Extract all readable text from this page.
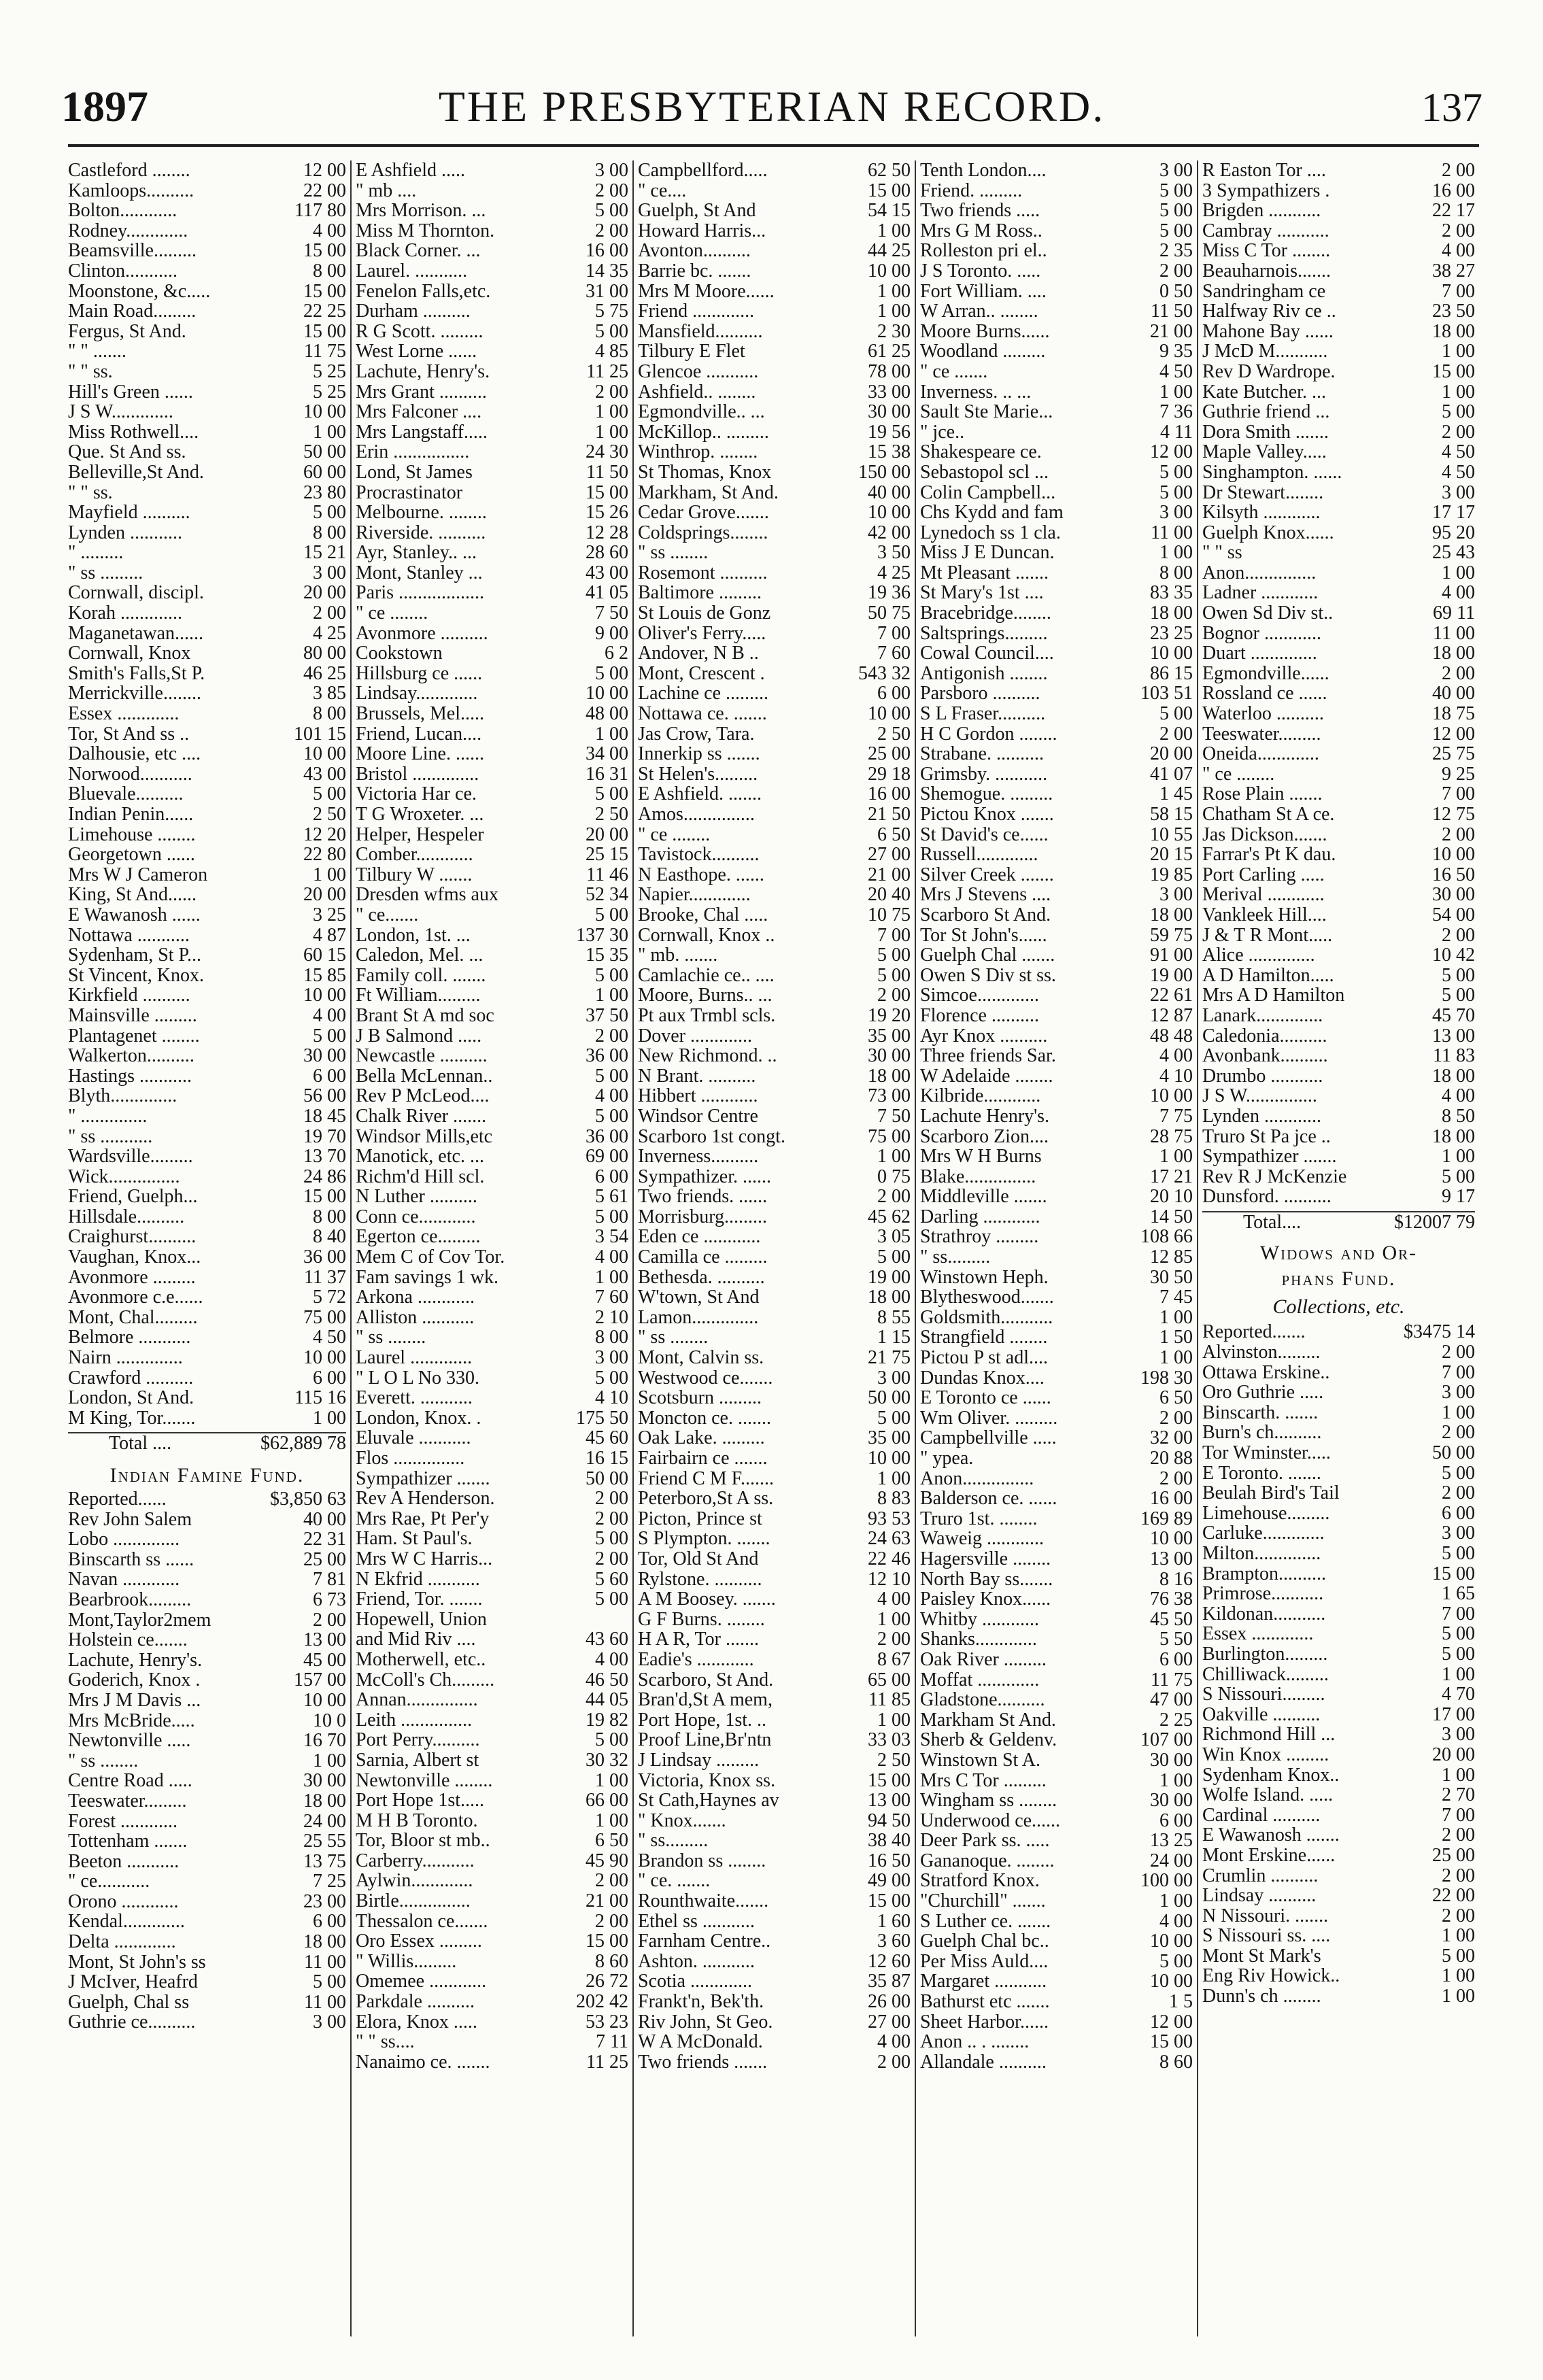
1897	THE PRESBYTERIAN RECORD.	137
Castleford ........	12 00
Kamloops..........	22 00
Bolton............	117 80
Rodney.............	4 00
Beamsville.........	15 00
Clinton...........	8 00
Moonstone, &c.....	15 00
Main Road.........	22 25
Fergus, St And.	15 00
" " .......	11 75
" " ss.	5 25
Hill's Green ......	5 25
J S W.............	10 00
Miss Rothwell....	1 00
Que. St And ss.	50 00
Belleville,St And.	60 00
" " ss.	23 80
Mayfield ..........	5 00
Lynden ...........	8 00
" .........	15 21
" ss .........	3 00
Cornwall, discipl.	20 00
Korah .............	2 00
Maganetawan......	4 25
Cornwall, Knox	80 00
Smith's Falls,St P.	46 25
Merrickville........	3 85
Essex .............	8 00
Tor, St And ss ..	101 15
Dalhousie, etc ....	10 00
Norwood...........	43 00
Bluevale..........	5 00
Indian Penin......	2 50
Limehouse ........	12 20
Georgetown ......	22 80
Mrs W J Cameron	1 00
King, St And......	20 00
E Wawanosh ......	3 25
Nottawa ...........	4 87
Sydenham, St P...	60 15
St Vincent, Knox.	15 85
Kirkfield ..........	10 00
Mainsville .........	4 00
Plantagenet ........	5 00
Walkerton..........	30 00
Hastings ...........	6 00
Blyth..............	56 00
" ..............	18 45
" ss ...........	19 70
Wardsville.........	13 70
Wick...............	24 86
Friend, Guelph...	15 00
Hillsdale..........	8 00
Craighurst..........	8 40
Vaughan, Knox...	36 00
Avonmore .........	11 37
Avonmore c.e......	5 72
Mont, Chal.........	75 00
Belmore ...........	4 50
Nairn ..............	10 00
Crawford ..........	6 00
London, St And.	115 16
M King, Tor.......	1 00
Total ....	$62,889 78
Indian Famine Fund.
Reported......	$3,850 63
Rev John Salem	40 00
Lobo ..............	22 31
Binscarth ss ......	25 00
Navan ............	7 81
Bearbrook.........	6 73
Mont,Taylor2mem	2 00
Holstein ce.......	13 00
Lachute, Henry's.	45 00
Goderich, Knox .	157 00
Mrs J M Davis ...	10 00
Mrs McBride.....	10 0
Newtonville .....	16 70
" ss ........	1 00
Centre Road .....	30 00
Teeswater.........	18 00
Forest ............	24 00
Tottenham .......	25 55
Beeton ...........	13 75
" ce...........	7 25
Orono ............	23 00
Kendal.............	6 00
Delta .............	18 00
Mont, St John's ss	11 00
J McIver, Heafrd	5 00
Guelph, Chal ss	11 00
Guthrie ce..........	3 00
E Ashfield .....	3 00
" mb ....	2 00
Mrs Morrison. ...	5 00
Miss M Thornton.	2 00
Black Corner. ...	16 00
Laurel. ...........	14 35
Fenelon Falls,etc.	31 00
Durham ..........	5 75
R G Scott. .........	5 00
West Lorne ......	4 85
Lachute, Henry's.	11 25
Mrs Grant ..........	2 00
Mrs Falconer ....	1 00
Mrs Langstaff.....	1 00
Erin ................	24 30
Lond, St James	11 50
Procrastinator	15 00
Melbourne. ........	15 26
Riverside. ..........	12 28
Ayr, Stanley.. ...	28 60
Mont, Stanley ...	43 00
Paris ..................	41 05
" ce ........	7 50
Avonmore ..........	9 00
Cookstown	6 2
Hillsburg ce ......	5 00
Lindsay.............	10 00
Brussels, Mel.....	48 00
Friend, Lucan....	1 00
Moore Line. ......	34 00
Bristol ..............	16 31
Victoria Har ce.	5 00
T G Wroxeter. ...	2 50
Helper, Hespeler	20 00
Comber............	25 15
Tilbury W .......	11 46
Dresden wfms aux	52 34
" ce.......	5 00
London, 1st. ...	137 30
Caledon, Mel. ...	15 35
Family coll. .......	5 00
Ft William.........	1 00
Brant St A md soc	37 50
J B Salmond .....	2 00
Newcastle ..........	36 00
Bella McLennan..	5 00
Rev P McLeod....	4 00
Chalk River .......	5 00
Windsor Mills,etc	36 00
Manotick, etc. ...	69 00
Richm'd Hill scl.	6 00
N Luther ..........	5 61
Conn ce............	5 00
Egerton ce.........	3 54
Mem C of Cov Tor.	4 00
Fam savings 1 wk.	1 00
Arkona ............	7 60
Alliston ...........	2 10
" ss ........	8 00
Laurel .............	3 00
" L O L No 330.	5 00
Everett. ...........	4 10
London, Knox. .	175 50
Eluvale ...........	45 60
Flos ...............	16 15
Sympathizer .......	50 00
Rev A Henderson.	2 00
Mrs Rae, Pt Per'y	2 00
Ham. St Paul's.	5 00
Mrs W C Harris...	2 00
N Ekfrid ...........	5 60
Friend, Tor. .......	5 00
Hopewell, Union
and Mid Riv ....	43 60
Motherwell, etc..	4 00
McColl's Ch.........	46 50
Annan...............	44 05
Leith ...............	19 82
Port Perry..........	5 00
Sarnia, Albert st	30 32
Newtonville ........	1 00
Port Hope 1st.....	66 00
M H B Toronto.	1 00
Tor, Bloor st mb..	6 50
Carberry...........	45 90
Aylwin.............	2 00
Birtle...............	21 00
Thessalon ce.......	2 00
Oro Essex .........	15 00
" Willis.........	8 60
Omemee ............	26 72
Parkdale ..........	202 42
Elora, Knox .....	53 23
" " ss....	7 11
Nanaimo ce. .......	11 25
Campbellford.....	62 50
" ce....	15 00
Guelph, St And	54 15
Howard Harris...	1 00
Avonton..........	44 25
Barrie bc. .......	10 00
Mrs M Moore......	1 00
Friend .............	1 00
Mansfield..........	2 30
Tilbury E Flet	61 25
Glencoe ...........	78 00
Ashfield.. ........	33 00
Egmondville.. ...	30 00
McKillop.. .........	19 56
Winthrop. ........	15 38
St Thomas, Knox	150 00
Markham, St And.	40 00
Cedar Grove.......	10 00
Coldsprings........	42 00
" ss ........	3 50
Rosemont ..........	4 25
Baltimore .........	19 36
St Louis de Gonz	50 75
Oliver's Ferry.....	7 00
Andover, N B ..	7 60
Mont, Crescent .	543 32
Lachine ce .........	6 00
Nottawa ce. .......	10 00
Jas Crow, Tara.	2 50
Innerkip ss .......	25 00
St Helen's.........	29 18
E Ashfield. .......	16 00
Amos...............	21 50
" ce ........	6 50
Tavistock..........	27 00
N Easthope. ......	21 00
Napier.............	20 40
Brooke, Chal .....	10 75
Cornwall, Knox ..	7 00
" mb. .......	5 00
Camlachie ce.. ....	5 00
Moore, Burns.. ...	2 00
Pt aux Trmbl scls.	19 20
Dover .............	35 00
New Richmond. ..	30 00
N Brant. ..........	18 00
Hibbert ............	73 00
Windsor Centre	7 50
Scarboro 1st congt.	75 00
Inverness..........	1 00
Sympathizer. ......	0 75
Two friends. ......	2 00
Morrisburg.........	45 62
Eden ce ............	3 05
Camilla ce .........	5 00
Bethesda. ..........	19 00
W'town, St And	18 00
Lamon..............	8 55
" ss ........	1 15
Mont, Calvin ss.	21 75
Westwood ce.......	3 00
Scotsburn .........	50 00
Moncton ce. .......	5 00
Oak Lake. .........	35 00
Fairbairn ce .......	10 00
Friend C M F.......	1 00
Peterboro,St A ss.	8 83
Picton, Prince st	93 53
S Plympton. .......	24 63
Tor, Old St And	22 46
Rylstone. ..........	12 10
A M Boosey. .......	4 00
G F Burns. ........	1 00
H A R, Tor .......	2 00
Eadie's ............	8 67
Scarboro, St And.	65 00
Bran'd,St A mem,	11 85
Port Hope, 1st. ..	1 00
Proof Line,Br'ntn	33 03
J Lindsay .........	2 50
Victoria, Knox ss.	15 00
St Cath,Haynes av	13 00
" Knox.......	94 50
" ss.........	38 40
Brandon ss ........	16 50
" ce. .......	49 00
Rounthwaite.......	15 00
Ethel ss ...........	1 60
Farnham Centre..	3 60
Ashton. ...........	12 60
Scotia .............	35 87
Frankt'n, Bek'th.	26 00
Riv John, St Geo.	27 00
W A McDonald.	4 00
Two friends .......	2 00
Tenth London....	3 00
Friend. .........	5 00
Two friends .....	5 00
Mrs G M Ross..	5 00
Rolleston pri el..	2 35
J S Toronto. .....	2 00
Fort William. ....	0 50
W Arran.. ........	11 50
Moore Burns......	21 00
Woodland .........	9 35
" ce .......	4 50
Inverness. .. ...	1 00
Sault Ste Marie...	7 36
" jce..	4 11
Shakespeare ce.	12 00
Sebastopol scl ...	5 00
Colin Campbell...	5 00
Chs Kydd and fam	3 00
Lynedoch ss 1 cla.	11 00
Miss J E Duncan.	1 00
Mt Pleasant .......	8 00
St Mary's 1st ....	83 35
Bracebridge........	18 00
Saltsprings.........	23 25
Cowal Council....	10 00
Antigonish ........	86 15
Parsboro ..........	103 51
S L Fraser..........	5 00
H C Gordon ........	2 00
Strabane. ..........	20 00
Grimsby. ...........	41 07
Shemogue. .........	1 45
Pictou Knox .......	58 15
St David's ce......	10 55
Russell.............	20 15
Silver Creek .......	19 85
Mrs J Stevens ....	3 00
Scarboro St And.	18 00
Tor St John's......	59 75
Guelph Chal .......	91 00
Owen S Div st ss.	19 00
Simcoe.............	22 61
Florence ..........	12 87
Ayr Knox ..........	48 48
Three friends Sar.	4 00
W Adelaide ........	4 10
Kilbride............	10 00
Lachute Henry's.	7 75
Scarboro Zion....	28 75
Mrs W H Burns	1 00
Blake...............	17 21
Middleville .......	20 10
Darling ............	14 50
Strathroy .........	108 66
" ss.........	12 85
Winstown Heph.	30 50
Blytheswood.......	7 45
Goldsmith...........	1 00
Strangfield ........	1 50
Pictou P st adl....	1 00
Dundas Knox....	198 30
E Toronto ce ......	6 50
Wm Oliver. .........	2 00
Campbellville .....	32 00
" ypea.	20 88
Anon...............	2 00
Balderson ce. ......	16 00
Truro 1st. ........	169 89
Waweig ............	10 00
Hagersville ........	13 00
North Bay ss.......	8 16
Paisley Knox......	76 38
Whitby ............	45 50
Shanks.............	5 50
Oak River .........	6 00
Moffat .............	11 75
Gladstone..........	47 00
Markham St And.	2 25
Sherb & Geldenv.	107 00
Winstown St A.	30 00
Mrs C Tor .........	1 00
Wingham ss ........	30 00
Underwood ce......	6 00
Deer Park ss. .....	13 25
Gananoque. ........	24 00
Stratford Knox.	100 00
"Churchill" .......	1 00
S Luther ce. .......	4 00
Guelph Chal bc..	10 00
Per Miss Auld....	5 00
Margaret ...........	10 00
Bathurst etc .......	1 5
Sheet Harbor......	12 00
Anon .. . ........	15 00
Allandale ..........	8 60
R Easton Tor ....	2 00
3 Sympathizers .	16 00
Brigden ...........	22 17
Cambray ...........	2 00
Miss C Tor ........	4 00
Beauharnois.......	38 27
Sandringham ce	7 00
Halfway Riv ce ..	23 50
Mahone Bay ......	18 00
J McD M...........	1 00
Rev D Wardrope.	15 00
Kate Butcher. ...	1 00
Guthrie friend ...	5 00
Dora Smith .......	2 00
Maple Valley.....	4 50
Singhampton. ......	4 50
Dr Stewart........	3 00
Kilsyth ............	17 17
Guelph Knox......	95 20
" " ss	25 43
Anon...............	1 00
Ladner ............	4 00
Owen Sd Div st..	69 11
Bognor ............	11 00
Duart ..............	18 00
Egmondville......	2 00
Rossland ce ......	40 00
Waterloo ..........	18 75
Teeswater.........	12 00
Oneida.............	25 75
" ce ........	9 25
Rose Plain .......	7 00
Chatham St A ce.	12 75
Jas Dickson.......	2 00
Farrar's Pt K dau.	10 00
Port Carling .....	16 50
Merival ............	30 00
Vankleek Hill....	54 00
J & T R Mont.....	2 00
Alice ..............	10 42
A D Hamilton.....	5 00
Mrs A D Hamilton	5 00
Lanark..............	45 70
Caledonia..........	13 00
Avonbank..........	11 83
Drumbo ...........	18 00
J S W...............	4 00
Lynden ............	8 50
Truro St Pa jce ..	18 00
Sympathizer .......	1 00
Rev R J McKenzie	5 00
Dunsford. ..........	9 17
Total....	$12007 79
Widows and Or-
phans Fund.
Collections, etc.
Reported.......	$3475 14
Alvinston.........	2 00
Ottawa Erskine..	7 00
Oro Guthrie .....	3 00
Binscarth. .......	1 00
Burn's ch..........	2 00
Tor Wminster.....	50 00
E Toronto. .......	5 00
Beulah Bird's Tail	2 00
Limehouse.........	6 00
Carluke.............	3 00
Milton..............	5 00
Brampton..........	15 00
Primrose...........	1 65
Kildonan...........	7 00
Essex .............	5 00
Burlington.........	5 00
Chilliwack.........	1 00
S Nissouri.........	4 70
Oakville ..........	17 00
Richmond Hill ...	3 00
Win Knox .........	20 00
Sydenham Knox..	1 00
Wolfe Island. .....	2 70
Cardinal ..........	7 00
E Wawanosh .......	2 00
Mont Erskine......	25 00
Crumlin ..........	2 00
Lindsay ..........	22 00
N Nissouri. .......	2 00
S Nissouri ss. ....	1 00
Mont St Mark's	5 00
Eng Riv Howick..	1 00
Dunn's ch ........	1 00
